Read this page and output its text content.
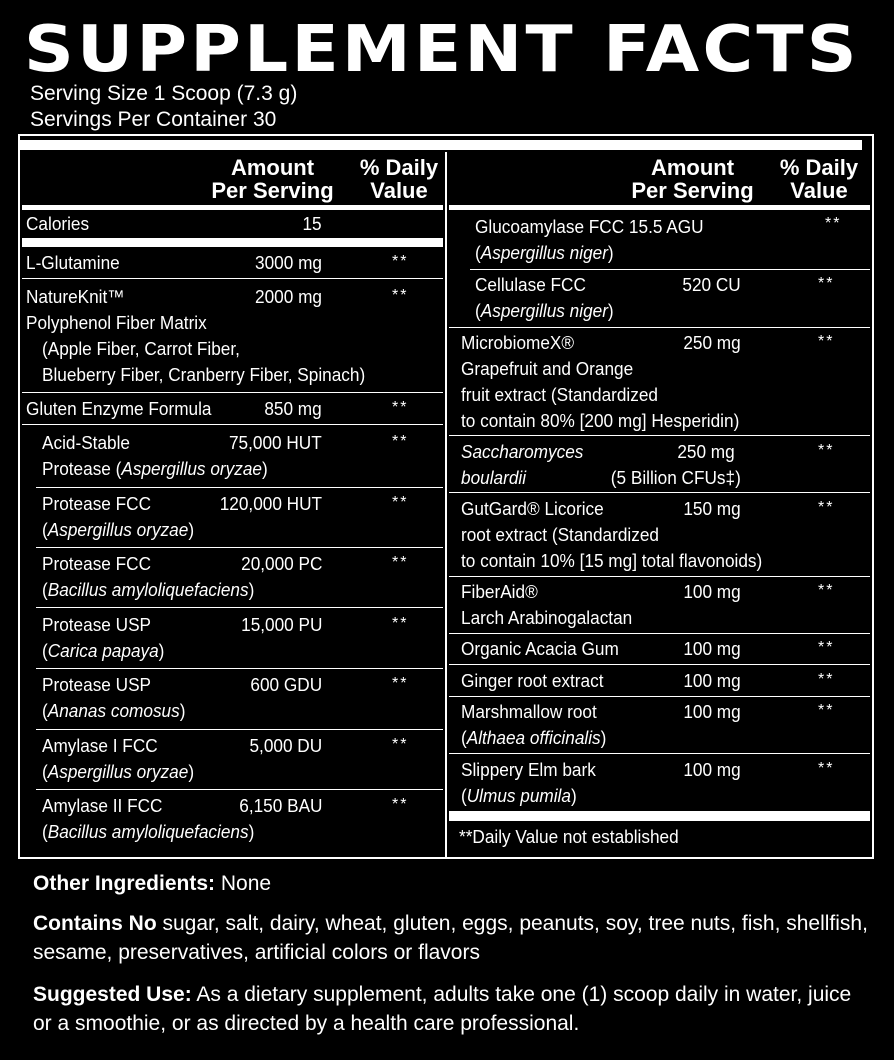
SUPPLEMENT FACTS
Serving Size 1 Scoop (7.3 g)
Servings Per Container 30
Amount
Per Serving
% Daily
Value
Amount
Per Serving
% Daily
Value
Calories	15
L-Glutamine	3000 mg	**
NatureKnit™
Polyphenol Fiber Matrix
(Apple Fiber, Carrot Fiber,
Blueberry Fiber, Cranberry Fiber, Spinach)
2000 mg	**
Gluten Enzyme Formula	850 mg	**
Acid-Stable
Protease (Aspergillus oryzae)
75,000 HUT	**
Protease FCC
(Aspergillus oryzae)
120,000 HUT	**
Protease FCC
(Bacillus amyloliquefaciens)
20,000 PC	**
Protease USP
(Carica papaya)
15,000 PU	**
Protease USP
(Ananas comosus)
600 GDU	**
Amylase I FCC
(Aspergillus oryzae)
5,000 DU	**
Amylase II FCC
(Bacillus amyloliquefaciens)
6,150 BAU	**
Glucoamylase FCC 15.5 AGU
(Aspergillus niger)
**
Cellulase FCC
(Aspergillus niger)
520 CU	**
MicrobiomeX®
Grapefruit and Orange
fruit extract (Standardized
to contain 80% [200 mg] Hesperidin)
250 mg	**
Saccharomyces
boulardii
250 mg
(5 Billion CFUs‡)
**
GutGard® Licorice
root extract (Standardized
to contain 10% [15 mg] total flavonoids)
150 mg	**
FiberAid®
Larch Arabinogalactan
100 mg	**
Organic Acacia Gum	100 mg	**
Ginger root extract	100 mg	**
Marshmallow root
(Althaea officinalis)
100 mg	**
Slippery Elm bark
(Ulmus pumila)
100 mg	**
**Daily Value not established
Other Ingredients: None
Contains No sugar, salt, dairy, wheat, gluten, eggs, peanuts, soy, tree nuts, fish, shellfish, sesame, preservatives, artificial colors or flavors
Suggested Use: As a dietary supplement, adults take one (1) scoop daily in water, juice or a smoothie, or as directed by a health care professional.
